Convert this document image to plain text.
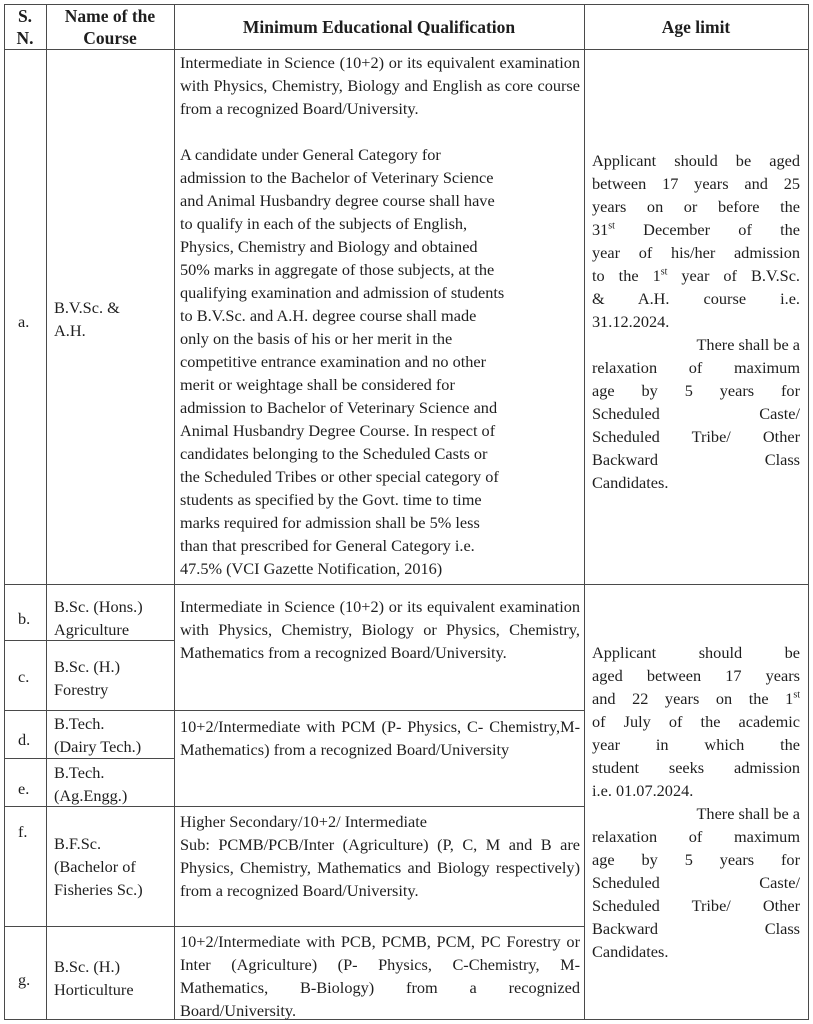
S.
N.
Name of the
Course
Minimum Educational Qualification	Age limit
a.
B.V.Sc. &
A.H.

Intermediate in Science (10+2) or its equivalent examination with Physics, Chemistry, Biology and English as core course from a recognized Board/University.

A candidate under General Category for
admission to the Bachelor of Veterinary Science
and Animal Husbandry degree course shall have
to qualify in each of the subjects of English,
Physics, Chemistry and Biology and obtained
50% marks in aggregate of those subjects, at the
qualifying examination and admission of students
to B.V.Sc. and A.H. degree course shall made
only on the basis of his or her merit in the
competitive entrance examination and no other
merit or weightage shall be considered for
admission to Bachelor of Veterinary Science and
Animal Husbandry Degree Course. In respect of
candidates belonging to the Scheduled Casts or
the Scheduled Tribes or other special category of
students as specified by the Govt. time to time
marks required for admission shall be 5% less
than that prescribed for General Category i.e.
47.5% (VCI Gazette Notification, 2016)

Applicant should be aged

between 17 years and 25

years on or before the

31st December of the

year of his/her admission

to the 1st year of B.V.Sc.

& A.H. course i.e.

31.12.2024.

There shall be a

relaxation of maximum

age by 5 years for

Scheduled Caste/

Scheduled Tribe/ Other

Backward Class

Candidates.

b.
c.
d.
e.
f.
g.
B.Sc. (Hons.)
Agriculture
B.Sc. (H.)
Forestry
B.Tech.
(Dairy Tech.)
B.Tech.
(Ag.Engg.)
B.F.Sc.
(Bachelor of
Fisheries Sc.)
B.Sc. (H.)
Horticulture
Intermediate in Science (10+2) or its equivalent examination with Physics, Chemistry, Biology or Physics, Chemistry, Mathematics from a recognized Board/University.
10+2/Intermediate with PCM (P- Physics, C- Chemistry,M-Mathematics) from a recognized Board/University

Higher Secondary/10+2/ Intermediate

Sub: PCMB/PCB/Inter (Agriculture) (P, C, M and B are Physics, Chemistry, Mathematics and Biology respectively) from a recognized Board/University.

10+2/Intermediate with PCB, PCMB, PCM, PC Forestry or Inter (Agriculture) (P- Physics, C-Chemistry, M-Mathematics, B-Biology) from a recognized Board/University.

Applicant should be

aged between 17 years

and 22 years on the 1st

of July of the academic

year in which the

student seeks admission

i.e. 01.07.2024.

There shall be a

relaxation of maximum

age by 5 years for

Scheduled Caste/

Scheduled Tribe/ Other

Backward Class

Candidates.
